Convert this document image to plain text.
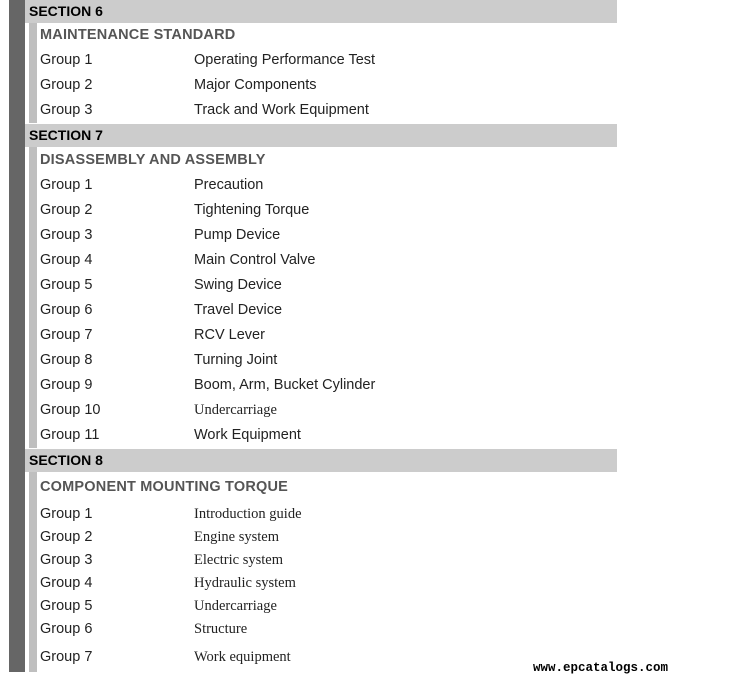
SECTION 6
MAINTENANCE STANDARD
Group 1	Operating Performance Test
Group 2	Major Components
Group 3	Track and Work Equipment
SECTION 7
DISASSEMBLY AND ASSEMBLY
Group 1	Precaution
Group 2	Tightening Torque
Group 3	Pump Device
Group 4	Main Control Valve
Group 5	Swing Device
Group 6	Travel Device
Group 7	RCV Lever
Group 8	Turning Joint
Group 9	Boom, Arm, Bucket Cylinder
Group 10	Undercarriage
Group 11	Work Equipment
SECTION 8
COMPONENT MOUNTING TORQUE
Group 1	Introduction guide
Group 2	Engine system
Group 3	Electric system
Group 4	Hydraulic system
Group 5	Undercarriage
Group 6	Structure
Group 7	Work equipment
www.epcatalogs.com
